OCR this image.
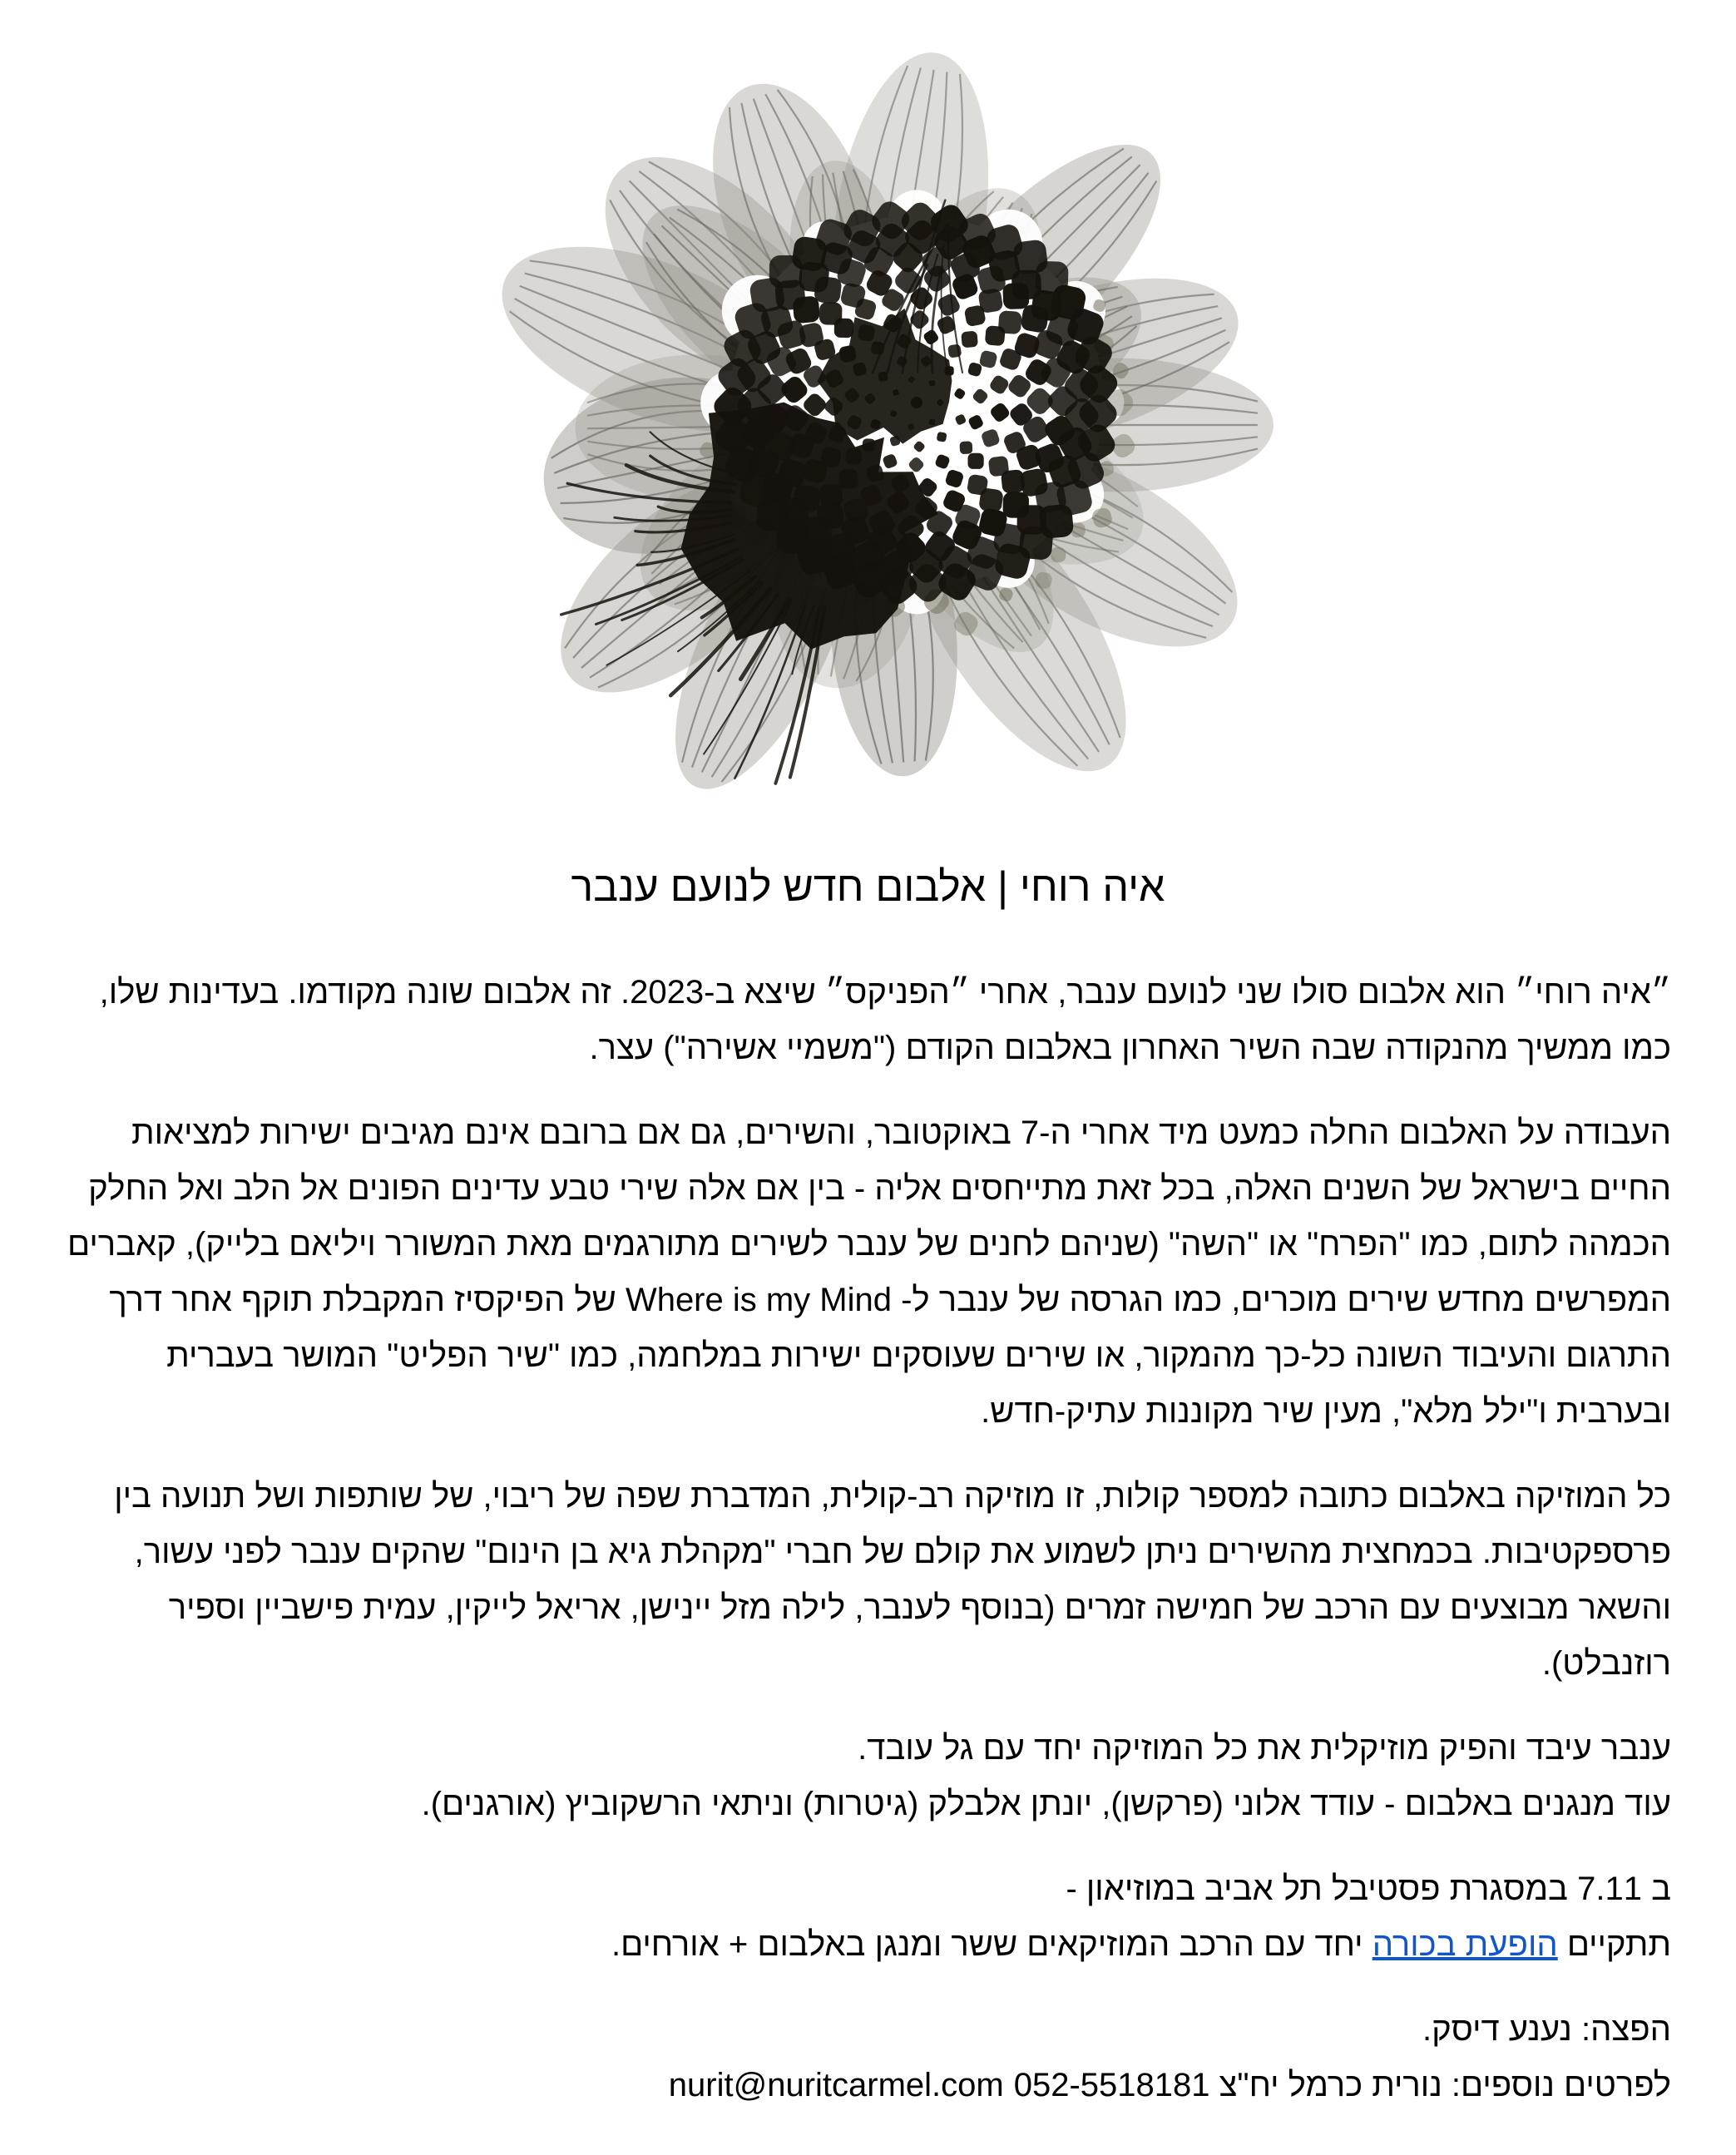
איה רוחי | אלבום חדש לנועם ענבר

״איה רוחי״ הוא אלבום סולו שני לנועם ענבר, אחרי ״הפניקס״ שיצא ב-2023. זה אלבום שונה מקודמו. בעדינות שלו, כמו ממשיך מהנקודה שבה השיר האחרון באלבום הקודם ("משמיי אשירה") עצר.

העבודה על האלבום החלה כמעט מיד אחרי ה-7 באוקטובר, והשירים, גם אם ברובם אינם מגיבים ישירות למציאות החיים בישראל של השנים האלה, בכל זאת מתייחסים אליה - בין אם אלה שירי טבע עדינים הפונים אל הלב ואל החלק הכמהה לתום, כמו "הפרח" או "השה" (שניהם לחנים של ענבר לשירים מתורגמים מאת המשורר ויליאם בלייק), קאברים המפרשים מחדש שירים מוכרים, כמו הגרסה של ענבר ל- Where is my Mind של הפיקסיז המקבלת תוקף אחר דרך התרגום והעיבוד השונה כל-כך מהמקור, או שירים שעוסקים ישירות במלחמה, כמו "שיר הפליט" המושר בעברית ובערבית ו"ילל מלא", מעין שיר מקוננות עתיק-חדש.

כל המוזיקה באלבום כתובה למספר קולות, זו מוזיקה רב-קולית, המדברת שפה של ריבוי, של שותפות ושל תנועה בין פרספקטיבות. בכמחצית מהשירים ניתן לשמוע את קולם של חברי "מקהלת גיא בן הינום" שהקים ענבר לפני עשור, והשאר מבוצעים עם הרכב של חמישה זמרים (בנוסף לענבר, לילה מזל יינישן, אריאל לייקין, עמית פישביין וספיר רוזנבלט).

ענבר עיבד והפיק מוזיקלית את כל המוזיקה יחד עם גל עובד.
עוד מנגנים באלבום - עודד אלוני (פרקשן), יונתן אלבלק (גיטרות) וניתאי הרשקוביץ (אורגנים).

ב 7.11 במסגרת פסטיבל תל אביב במוזיאון -
תתקיים הופעת בכורה יחד עם הרכב המוזיקאים ששר ומנגן באלבום + אורחים.

הפצה: נענע דיסק.
לפרטים נוספים: נורית כרמל יח"צ nurit@nuritcarmel.com 052-5518181
